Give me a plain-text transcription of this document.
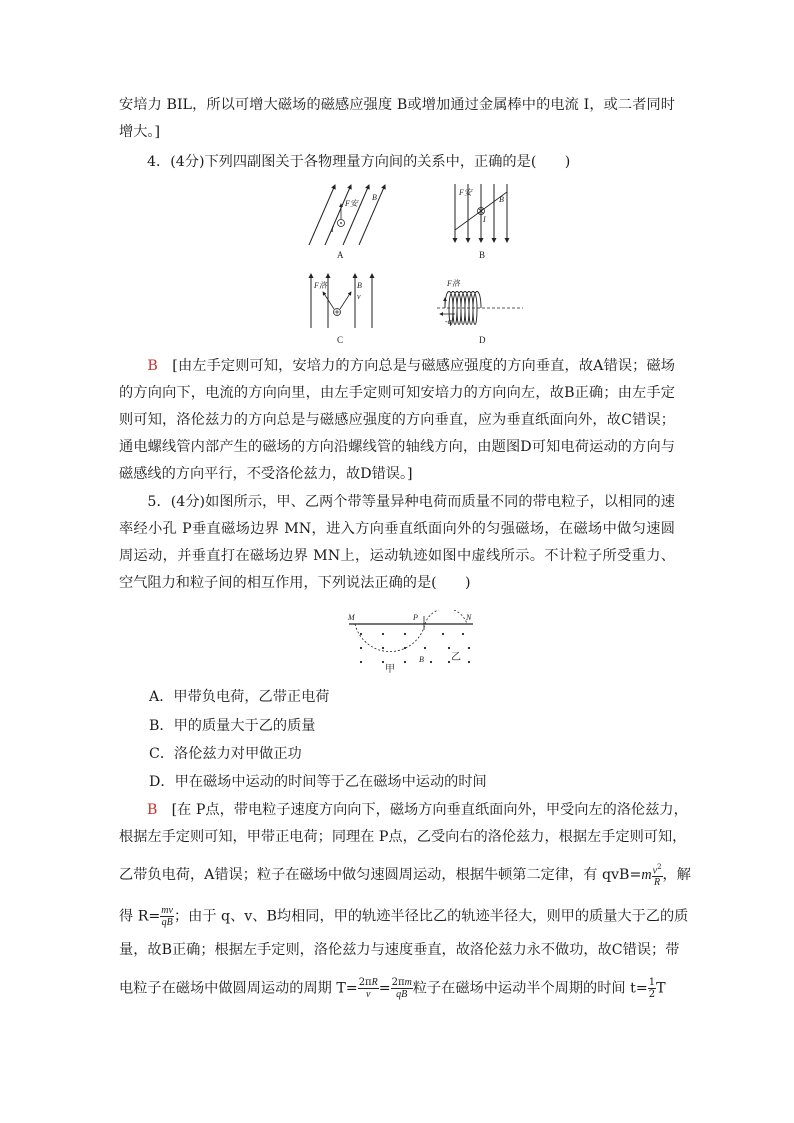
安培力 BIL，所以可增大磁场的磁感应强度 B或增加通过金属棒中的电流 I，或二者同时增大。]

4．(4分)下列四副图关于各物理量方向间的关系中，正确的是(　　)

F安
I
B
A
F安
I
B
B
F洛	B
v
C
F洛
-q
D

B　 [由左手定则可知，安培力的方向总是与磁感应强度的方向垂直，故A错误；磁场的方向向下，电流的方向向里，由左手定则可知安培力的方向向左，故B正确；由左手定则可知，洛伦兹力的方向总是与磁感应强度的方向垂直，应为垂直纸面向外，故C错误；通电螺线管内部产生的磁场的方向沿螺线管的轴线方向，由题图D可知电荷运动的方向与磁感线的方向平行，不受洛伦兹力，故D错误。]

5．(4分)如图所示，甲、乙两个带等量异种电荷而质量不同的带电粒子，以相同的速率经小孔 P垂直磁场边界 MN，进入方向垂直纸面向外的匀强磁场，在磁场中做匀速圆周运动，并垂直打在磁场边界 MN上，运动轨迹如图中虚线所示。不计粒子所受重力、空气阻力和粒子间的相互作用，下列说法正确的是(　　)

M	P	N
甲
乙
B

A．甲带负电荷，乙带正电荷

B．甲的质量大于乙的质量

C．洛伦兹力对甲做正功

D．甲在磁场中运动的时间等于乙在磁场中运动的时间

B　 [在 P点，带电粒子速度方向向下，磁场方向垂直纸面向外，甲受向左的洛伦兹力，

根据左手定则可知，甲带正电荷；同理在 P点，乙受向右的洛伦兹力，根据左手定则可知，

乙带负电荷，A错误；粒子在磁场中做匀速圆周运动，根据牛顿第二定律，有 $qvB=m \frac{v^2}{R}$ ，解

得 $R= \frac{mv}{qB}$ ；由于 q、v、B均相同，甲的轨迹半径比乙的轨迹半径大，则甲的质量大于乙的质

量，故B正确；根据左手定则，洛伦兹力与速度垂直，故洛伦兹力永不做功，故C错误；带

电粒子在磁场中做圆周运动的周期 $T= \frac{2\pi R}{v} = \frac{2\pi m}{qB}$ 粒子在磁场中运动半个周期的时间 $t= \frac{1}{2}$ T
